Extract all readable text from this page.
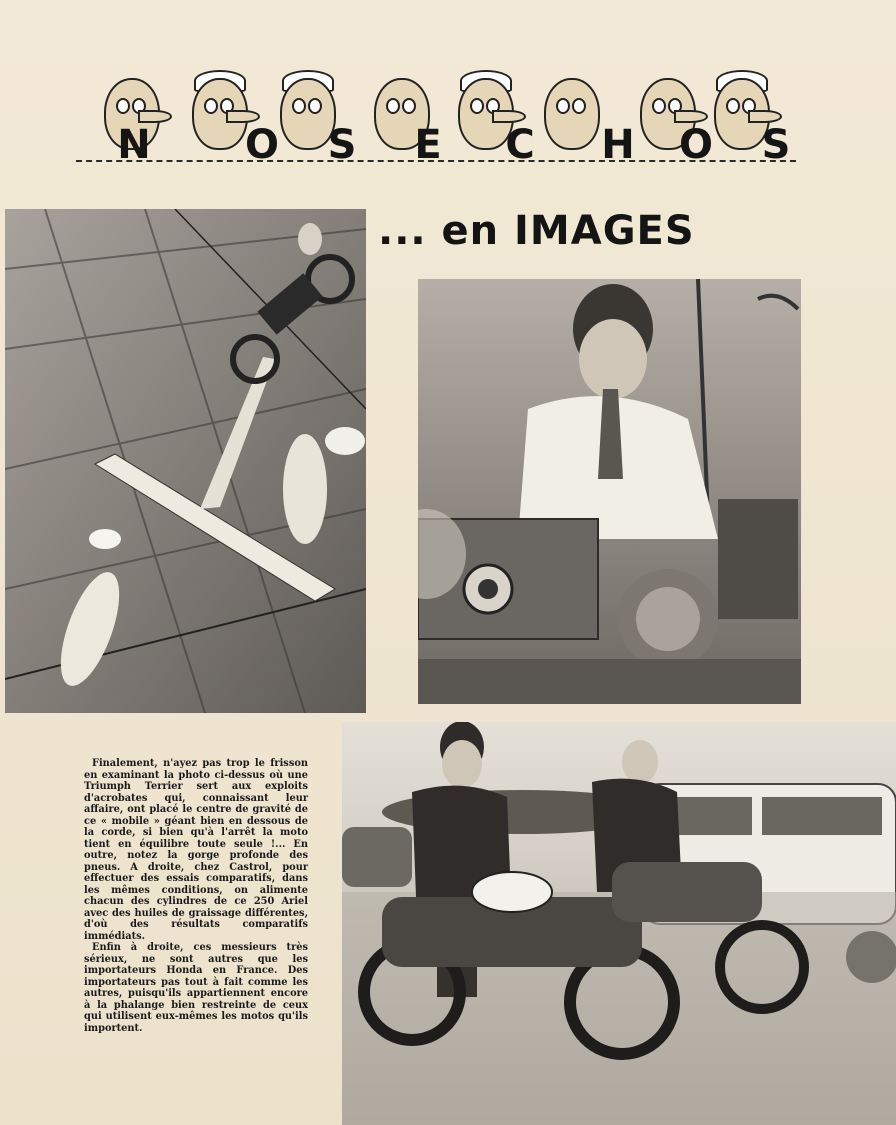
N O S E C H O S
... en IMAGES

Finalement, n'ayez pas trop le frisson en examinant la photo ci-dessus où une Triumph Terrier sert aux exploits d'acrobates qui, connaissant leur affaire, ont placé le centre de gravité de ce « mobile » géant bien en dessous de la corde, si bien qu'à l'arrêt la moto tient en équilibre toute seule !... En outre, notez la gorge profonde des pneus. A droite, chez Castrol, pour effectuer des essais comparatifs, dans les mêmes conditions, on alimente chacun des cylindres de ce 250 Ariel avec des huiles de graissage différentes, d'où des résultats comparatifs immédiats.

Enfin à droite, ces messieurs très sérieux, ne sont autres que les importateurs Honda en France. Des importateurs pas tout à fait comme les autres, puisqu'ils appartiennent encore à la phalange bien restreinte de ceux qui utilisent eux-mêmes les motos qu'ils importent.
